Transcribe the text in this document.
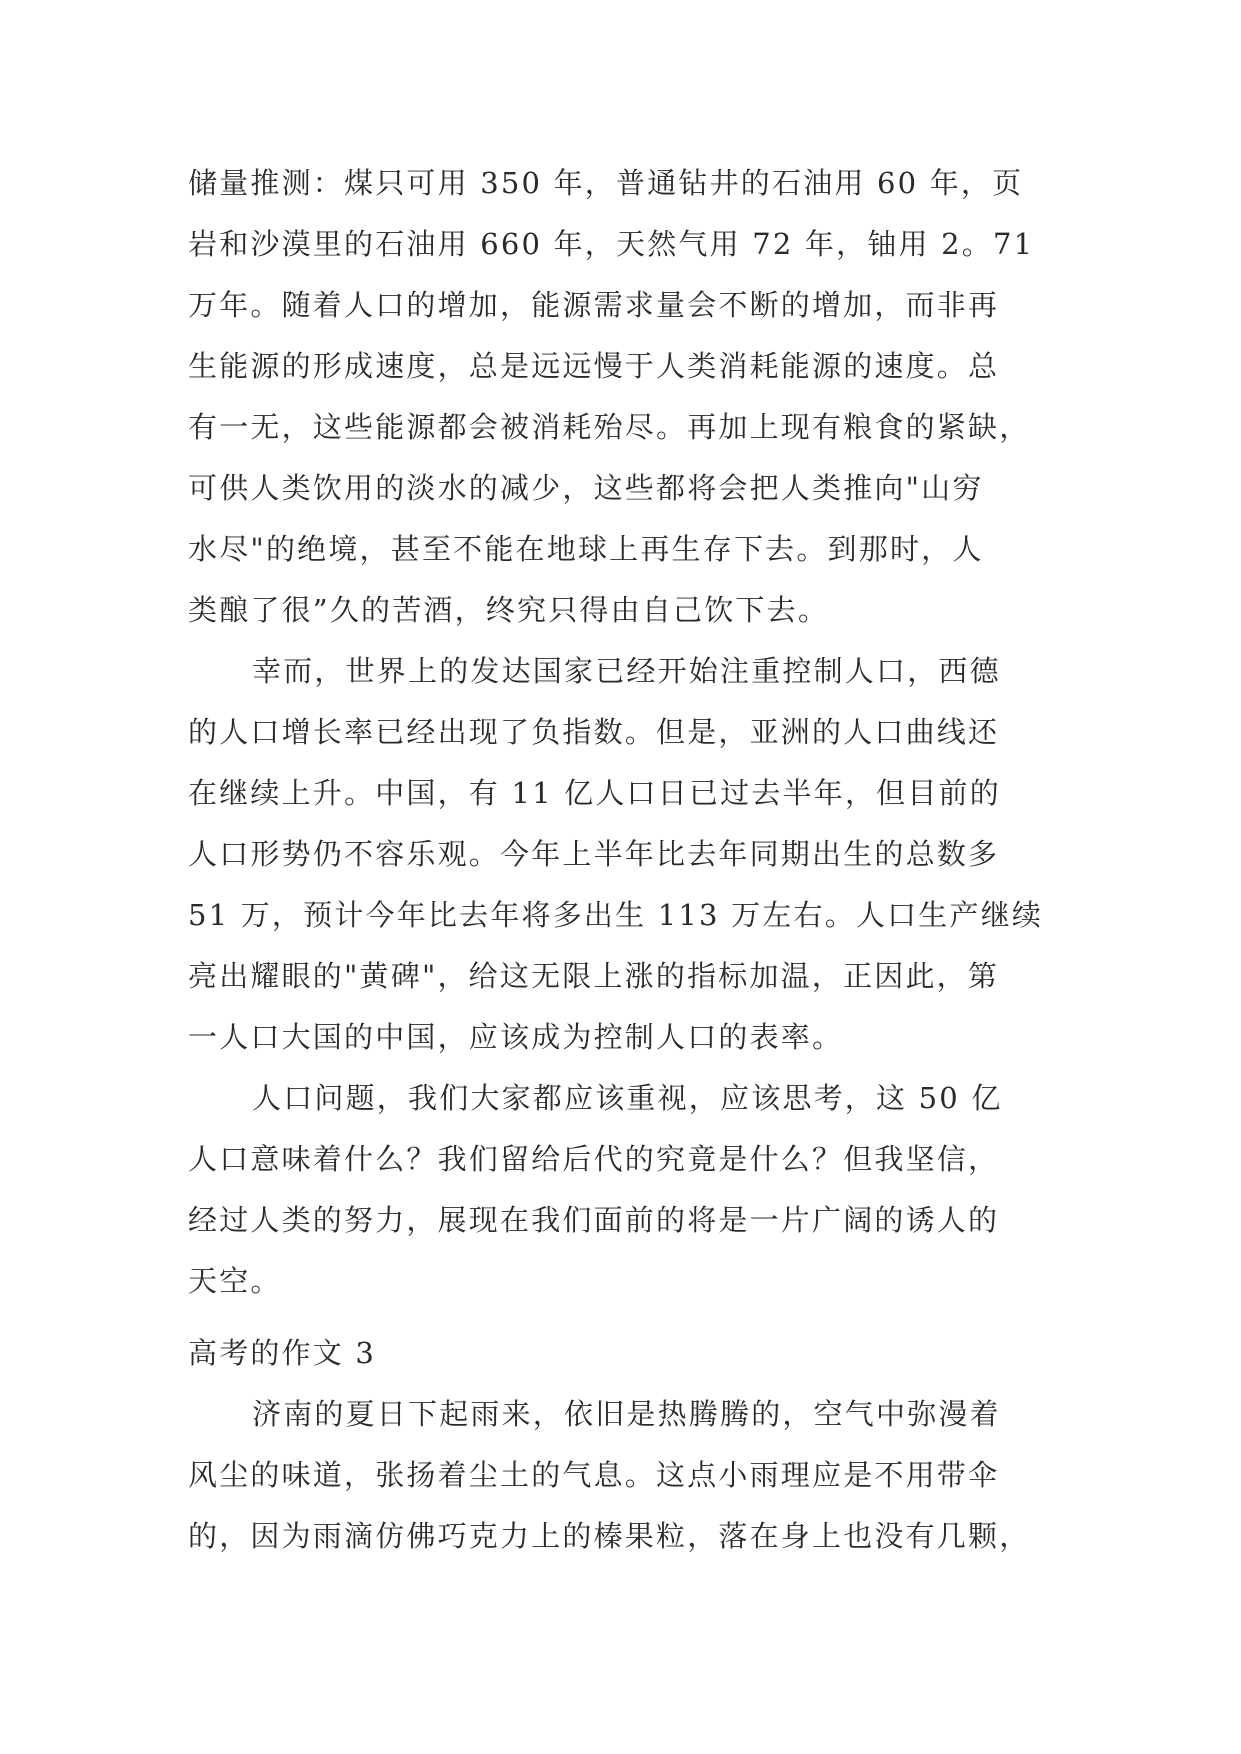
储量推测：煤只可用 350 年，普通钻井的石油用 60 年，页
岩和沙漠里的石油用 660 年，天然气用 72 年，铀用 2。71
万年。随着人口的增加，能源需求量会不断的增加，而非再
生能源的形成速度，总是远远慢于人类消耗能源的速度。总
有一无，这些能源都会被消耗殆尽。再加上现有粮食的紧缺，
可供人类饮用的淡水的减少，这些都将会把人类推向"山穷
水尽"的绝境，甚至不能在地球上再生存下去。到那时，人
类酿了很”久的苦酒，终究只得由自己饮下去。
幸而，世界上的发达国家已经开始注重控制人口，西德
的人口增长率已经出现了负指数。但是，亚洲的人口曲线还
在继续上升。中国，有 11 亿人口日已过去半年，但目前的
人口形势仍不容乐观。今年上半年比去年同期出生的总数多
51 万，预计今年比去年将多出生 113 万左右。人口生产继续
亮出耀眼的"黄碑"，给这无限上涨的指标加温，正因此，第
一人口大国的中国，应该成为控制人口的表率。
人口问题，我们大家都应该重视，应该思考，这 50 亿
人口意味着什么？我们留给后代的究竟是什么？但我坚信，
经过人类的努力，展现在我们面前的将是一片广阔的诱人的
天空。
高考的作文 3
济南的夏日下起雨来，依旧是热腾腾的，空气中弥漫着
风尘的味道，张扬着尘土的气息。这点小雨理应是不用带伞
的，因为雨滴仿佛巧克力上的榛果粒，落在身上也没有几颗，
